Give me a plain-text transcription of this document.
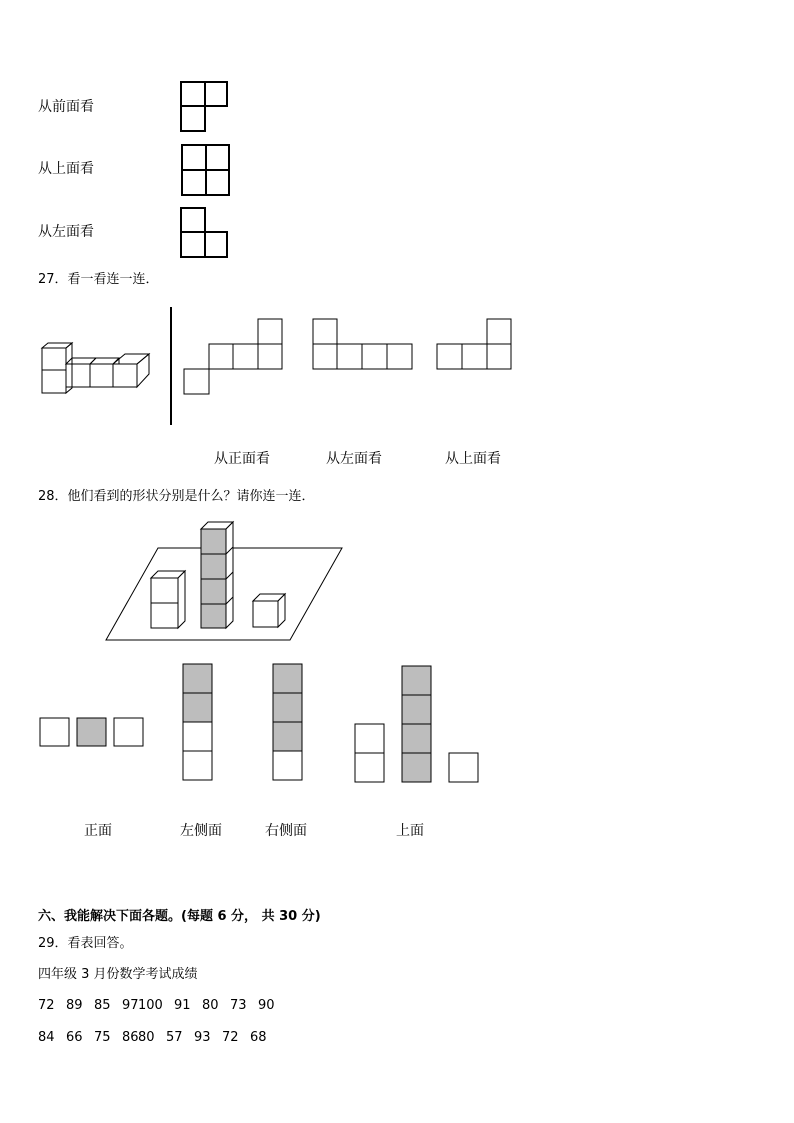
从前面看
从上面看
从左面看
27．看一看连一连．
从正面看	从左面看	从上面看
28．他们看到的形状分别是什么？请你连一连．
正面	左侧面	右侧面	上面
六、我能解决下面各题。(每题 6 分， 共 30 分)
29．看表回答。
四年级 3 月份数学考试成绩
72 89 85 97 100 91 80 73 90
84 66 75 86 80 57 93 72 68
